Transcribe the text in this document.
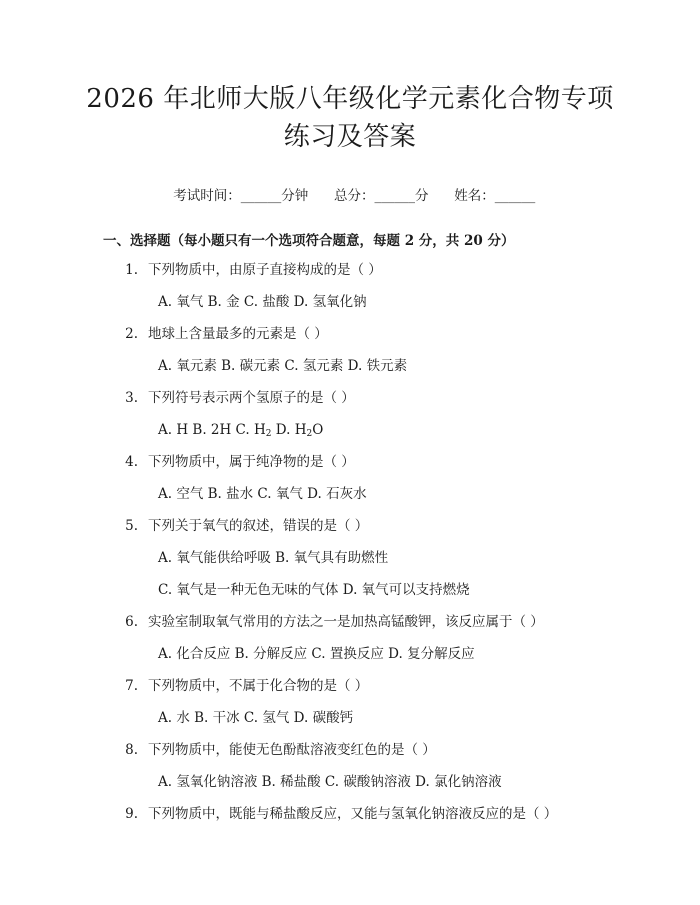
2026 年北师大版八年级化学元素化合物专项
练习及答案

考试时间：______分钟 总分：______分 姓名：______

一、选择题（每小题只有一个选项符合题意，每题 2 分，共 20 分）
1. 下列物质中，由原子直接构成的是（ ）
A. 氧气 B. 金 C. 盐酸 D. 氢氧化钠
2. 地球上含量最多的元素是（ ）
A. 氧元素 B. 碳元素 C. 氢元素 D. 铁元素
3. 下列符号表示两个氢原子的是（ ）
A. H B. 2H C. $H_2$ D. $H_2O$
4. 下列物质中，属于纯净物的是（ ）
A. 空气 B. 盐水 C. 氧气 D. 石灰水
5. 下列关于氧气的叙述，错误的是（ ）
A. 氧气能供给呼吸 B. 氧气具有助燃性
C. 氧气是一种无色无味的气体 D. 氧气可以支持燃烧
6. 实验室制取氧气常用的方法之一是加热高锰酸钾，该反应属于（ ）
A. 化合反应 B. 分解反应 C. 置换反应 D. 复分解反应
7. 下列物质中，不属于化合物的是（ ）
A. 水 B. 干冰 C. 氢气 D. 碳酸钙
8. 下列物质中，能使无色酚酞溶液变红色的是（ ）
A. 氢氧化钠溶液 B. 稀盐酸 C. 碳酸钠溶液 D. 氯化钠溶液
9. 下列物质中，既能与稀盐酸反应，又能与氢氧化钠溶液反应的是（ ）
